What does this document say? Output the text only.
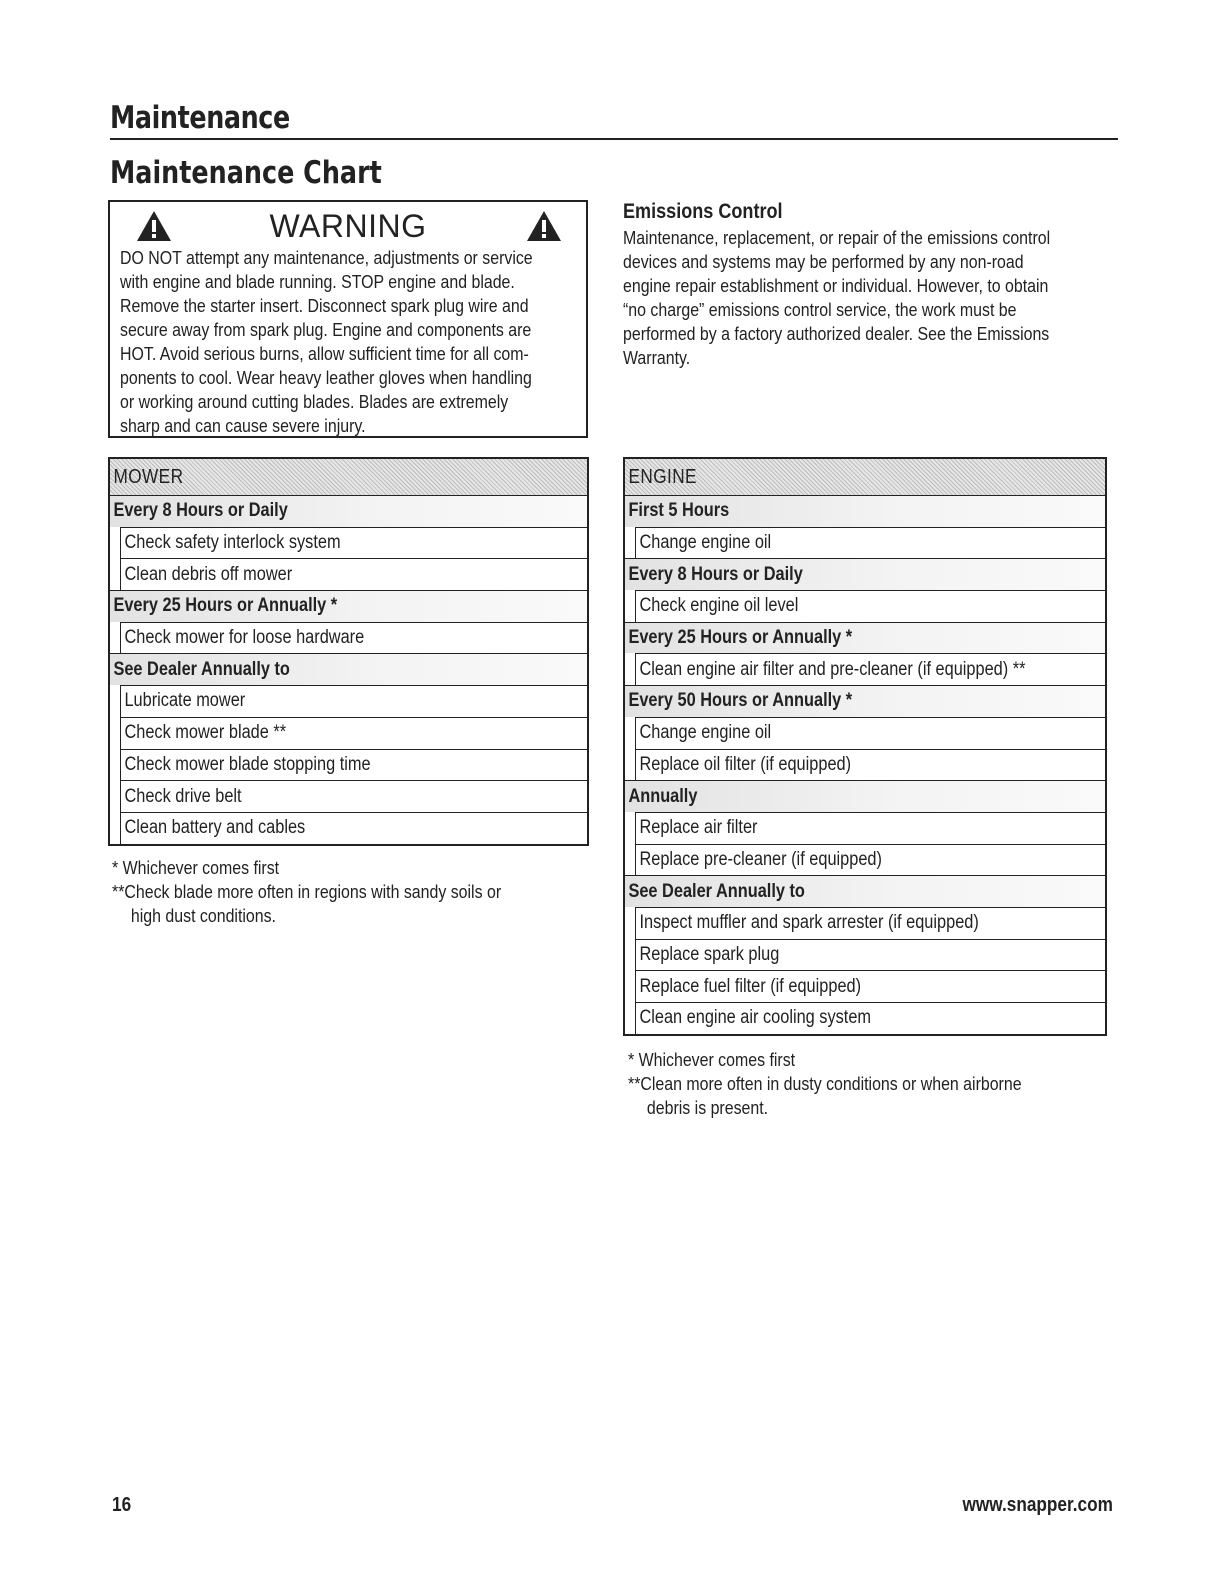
Maintenance
Maintenance Chart
WARNING
DO NOT attempt any maintenance, adjustments or service
with engine and blade running. STOP engine and blade.
Remove the starter insert. Disconnect spark plug wire and
secure away from spark plug. Engine and components are
HOT. Avoid serious burns, allow sufficient time for all com-
ponents to cool. Wear heavy leather gloves when handling
or working around cutting blades. Blades are extremely
sharp and can cause severe injury.
Emissions Control
Maintenance, replacement, or repair of the emissions control
devices and systems may be performed by any non-road
engine repair establishment or individual. However, to obtain
“no charge” emissions control service, the work must be
performed by a factory authorized dealer. See the Emissions
Warranty.
MOWER
Every 8 Hours or Daily
Check safety interlock system
Clean debris off mower
Every 25 Hours or Annually *
Check mower for loose hardware
See Dealer Annually to
Lubricate mower
Check mower blade **
Check mower blade stopping time
Check drive belt
Clean battery and cables
* Whichever comes first
**Check blade more often in regions with sandy soils or
high dust conditions.
ENGINE
First 5 Hours
Change engine oil
Every 8 Hours or Daily
Check engine oil level
Every 25 Hours or Annually *
Clean engine air filter and pre-cleaner (if equipped) **
Every 50 Hours or Annually *
Change engine oil
Replace oil filter (if equipped)
Annually
Replace air filter
Replace pre-cleaner (if equipped)
See Dealer Annually to
Inspect muffler and spark arrester (if equipped)
Replace spark plug
Replace fuel filter (if equipped)
Clean engine air cooling system
* Whichever comes first
**Clean more often in dusty conditions or when airborne
debris is present.
16	www.snapper.com
